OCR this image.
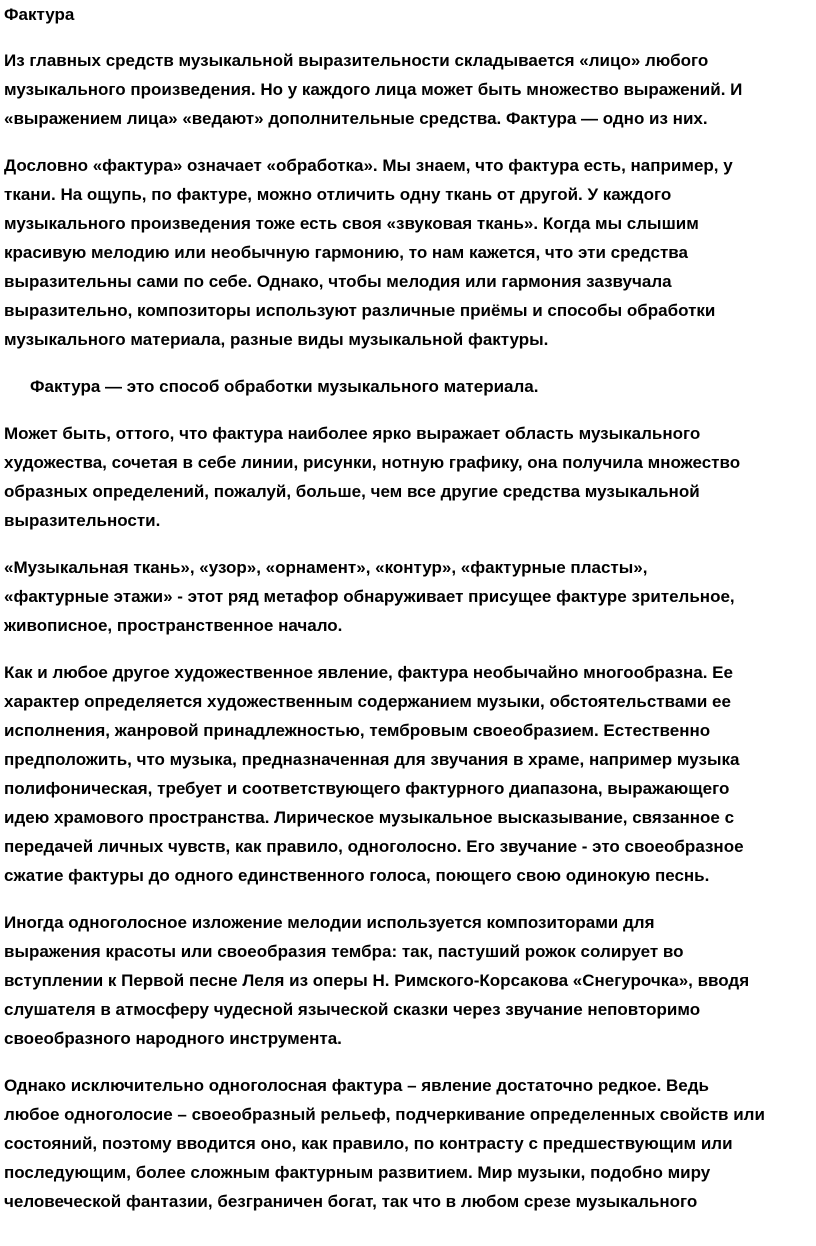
Фактура

Из главных средств музыкальной выразительности складывается «лицо» любого
музыкального произведения. Но у каждого лица может быть множество выражений. И
«выражением лица» «ведают» дополнительные средства. Фактура — одно из них.

Дословно «фактура» означает «обработка». Мы знаем, что фактура есть, например, у
ткани. На ощупь, по фактуре, можно отличить одну ткань от другой. У каждого
музыкального произведения тоже есть своя «звуковая ткань». Когда мы слышим
красивую мелодию или необычную гармонию, то нам кажется, что эти средства
выразительны сами по себе. Однако, чтобы мелодия или гармония зазвучала
выразительно, композиторы используют различные приёмы и способы обработки
музыкального материала, разные виды музыкальной фактуры.

Фактура — это способ обработки музыкального материала.

Может быть, оттого, что фактура наиболее ярко выражает область музыкального
художества, сочетая в себе линии, рисунки, нотную графику, она получила множество
образных определений, пожалуй, больше, чем все другие средства музыкальной
выразительности.

«Музыкальная ткань», «узор», «орнамент», «контур», «фактурные пласты»,
«фактурные этажи» - этот ряд метафор обнаруживает присущее фактуре зрительное,
живописное, пространственное начало.

Как и любое другое художественное явление, фактура необычайно многообразна. Ее
характер определяется художественным содержанием музыки, обстоятельствами ее
исполнения, жанровой принадлежностью, тембровым своеобразием. Естественно
предположить, что музыка, предназначенная для звучания в храме, например музыка
полифоническая, требует и соответствующего фактурного диапазона, выражающего
идею храмового пространства. Лирическое музыкальное высказывание, связанное с
передачей личных чувств, как правило, одноголосно. Его звучание - это своеобразное
сжатие фактуры до одного единственного голоса, поющего свою одинокую песнь.

Иногда одноголосное изложение мелодии используется композиторами для
выражения красоты или своеобразия тембра: так, пастуший рожок солирует во
вступлении к Первой песне Леля из оперы Н. Римского-Корсакова «Снегурочка», вводя
слушателя в атмосферу чудесной языческой сказки через звучание неповторимо
своеобразного народного инструмента.

Однако исключительно одноголосная фактура – явление достаточно редкое. Ведь
любое одноголосие – своеобразный рельеф, подчеркивание определенных свойств или
состояний, поэтому вводится оно, как правило, по контрасту с предшествующим или
последующим, более сложным фактурным развитием. Мир музыки, подобно миру
человеческой фантазии, безграничен богат, так что в любом срезе музыкального
